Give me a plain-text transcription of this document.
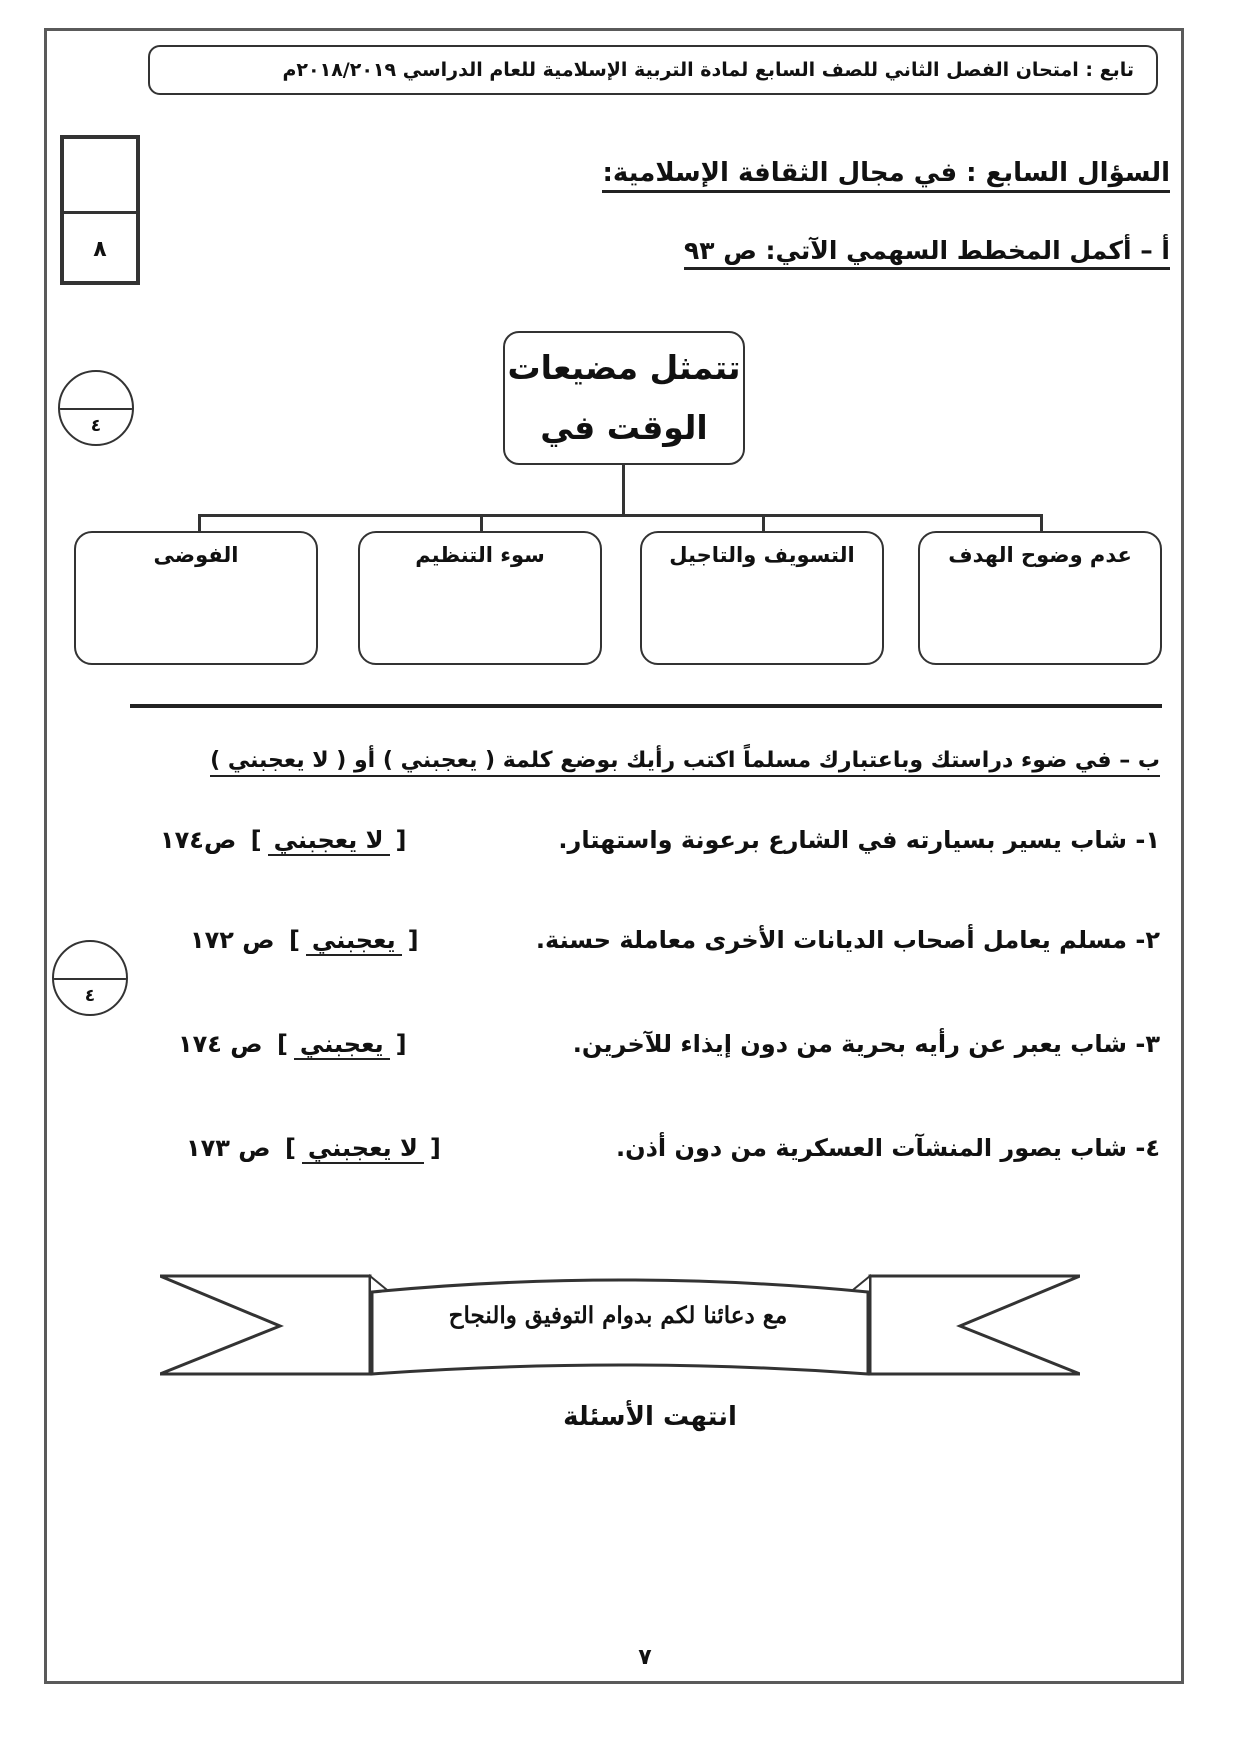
تابع : امتحان الفصل الثاني للصف السابع لمادة التربية الإسلامية للعام الدراسي ٢٠١٨/٢٠١٩م
٨
٤
٤
السؤال السابع : في مجال الثقافة الإسلامية:
أ – أكمل المخطط السهمي الآتي: ص ٩٣
تتمثل مضيعات
الوقت في
عدم وضوح الهدف
التسويف والتاجيل
سوء التنظيم
الفوضى
ب – في ضوء دراستك وباعتبارك مسلماً اكتب رأيك بوضع كلمة ( يعجبني ) أو ( لا يعجبني )
١- شاب يسير بسيارته في الشارع برعونة واستهتار.
[لا يعجبني] ص١٧٤
٢- مسلم يعامل أصحاب الديانات الأخرى معاملة حسنة.
[يعجبني] ص ١٧٢
٣- شاب يعبر عن رأيه بحرية من دون إيذاء للآخرين.
[يعجبني] ص ١٧٤
٤- شاب يصور المنشآت العسكرية من دون أذن.
[لا يعجبني] ص ١٧٣
مع دعائنا لكم بدوام التوفيق والنجاح
انتهت الأسئلة
٧
